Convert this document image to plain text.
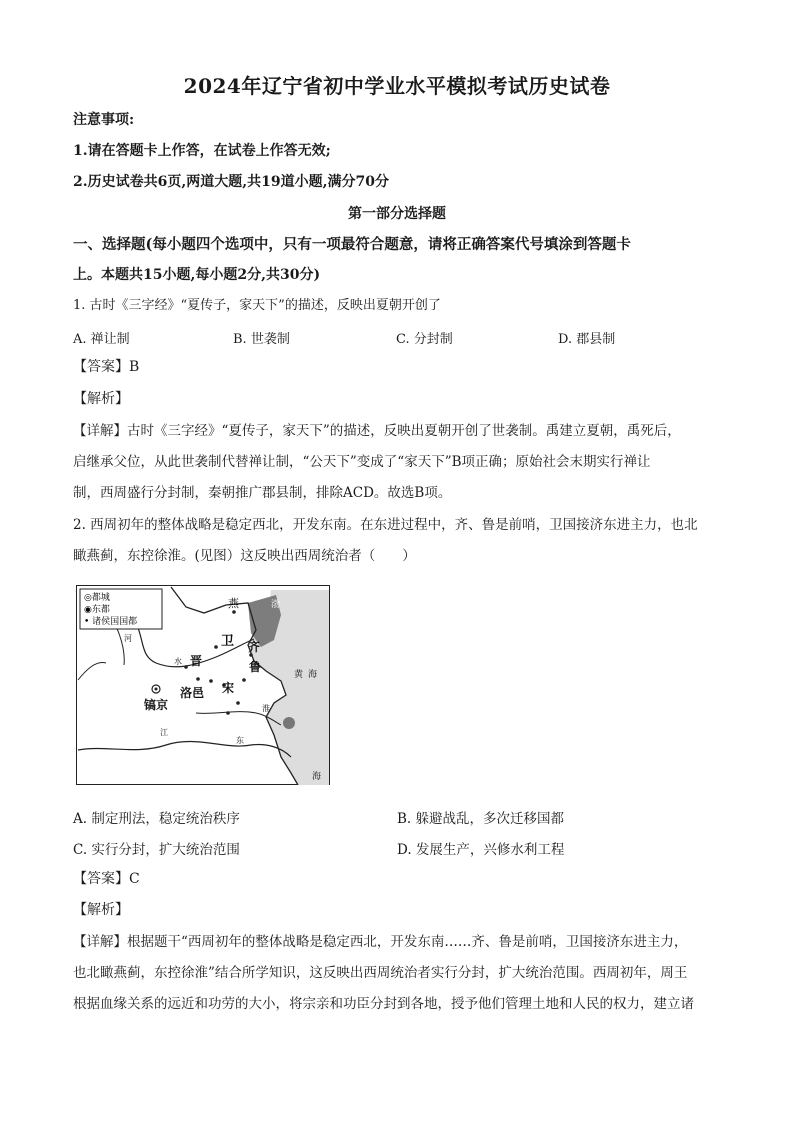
2024年辽宁省初中学业水平模拟考试历史试卷
注意事项:
1.请在答题卡上作答，在试卷上作答无效;
2.历史试卷共6页,两道大题,共19道小题,满分70分
第一部分选择题
一、选择题(每小题四个选项中，只有一项最符合题意，请将正确答案代号填涂到答题卡
上。本题共15小题,每小题2分,共30分)
1. 古时《三字经》“夏传子，家天下”的描述，反映出夏朝开创了
A. 禅让制	B. 世袭制	C. 分封制	D. 郡县制
【答案】B
【解析】
【详解】古时《三字经》“夏传子，家天下”的描述，反映出夏朝开创了世袭制。禹建立夏朝，禹死后，
启继承父位，从此世袭制代替禅让制，“公天下”变成了“家天下”B项正确；原始社会末期实行禅让
制，西周盛行分封制，秦朝推广郡县制，排除ACD。故选B项。
2. 西周初年的整体战略是稳定西北，开发东南。在东进过程中，齐、鲁是前哨，卫国接济东进主力，也北
瞰燕蓟，东控徐淮。(见图）这反映出西周统治者（　　）
◎都城
◉东都
• 诸侯国国都
燕	渤
河	卫 齐
水 晋	鲁
黄 海
宋
洛邑
镐京	淮
江
东
海
A. 制定刑法，稳定统治秩序	B. 躲避战乱，多次迁移国都
C. 实行分封，扩大统治范围	D. 发展生产，兴修水利工程
【答案】C
【解析】
【详解】根据题干“西周初年的整体战略是稳定西北，开发东南……齐、鲁是前哨，卫国接济东进主力，
也北瞰燕蓟，东控徐淮”结合所学知识，这反映出西周统治者实行分封，扩大统治范围。西周初年，周王
根据血缘关系的远近和功劳的大小，将宗亲和功臣分封到各地，授予他们管理土地和人民的权力，建立诸
